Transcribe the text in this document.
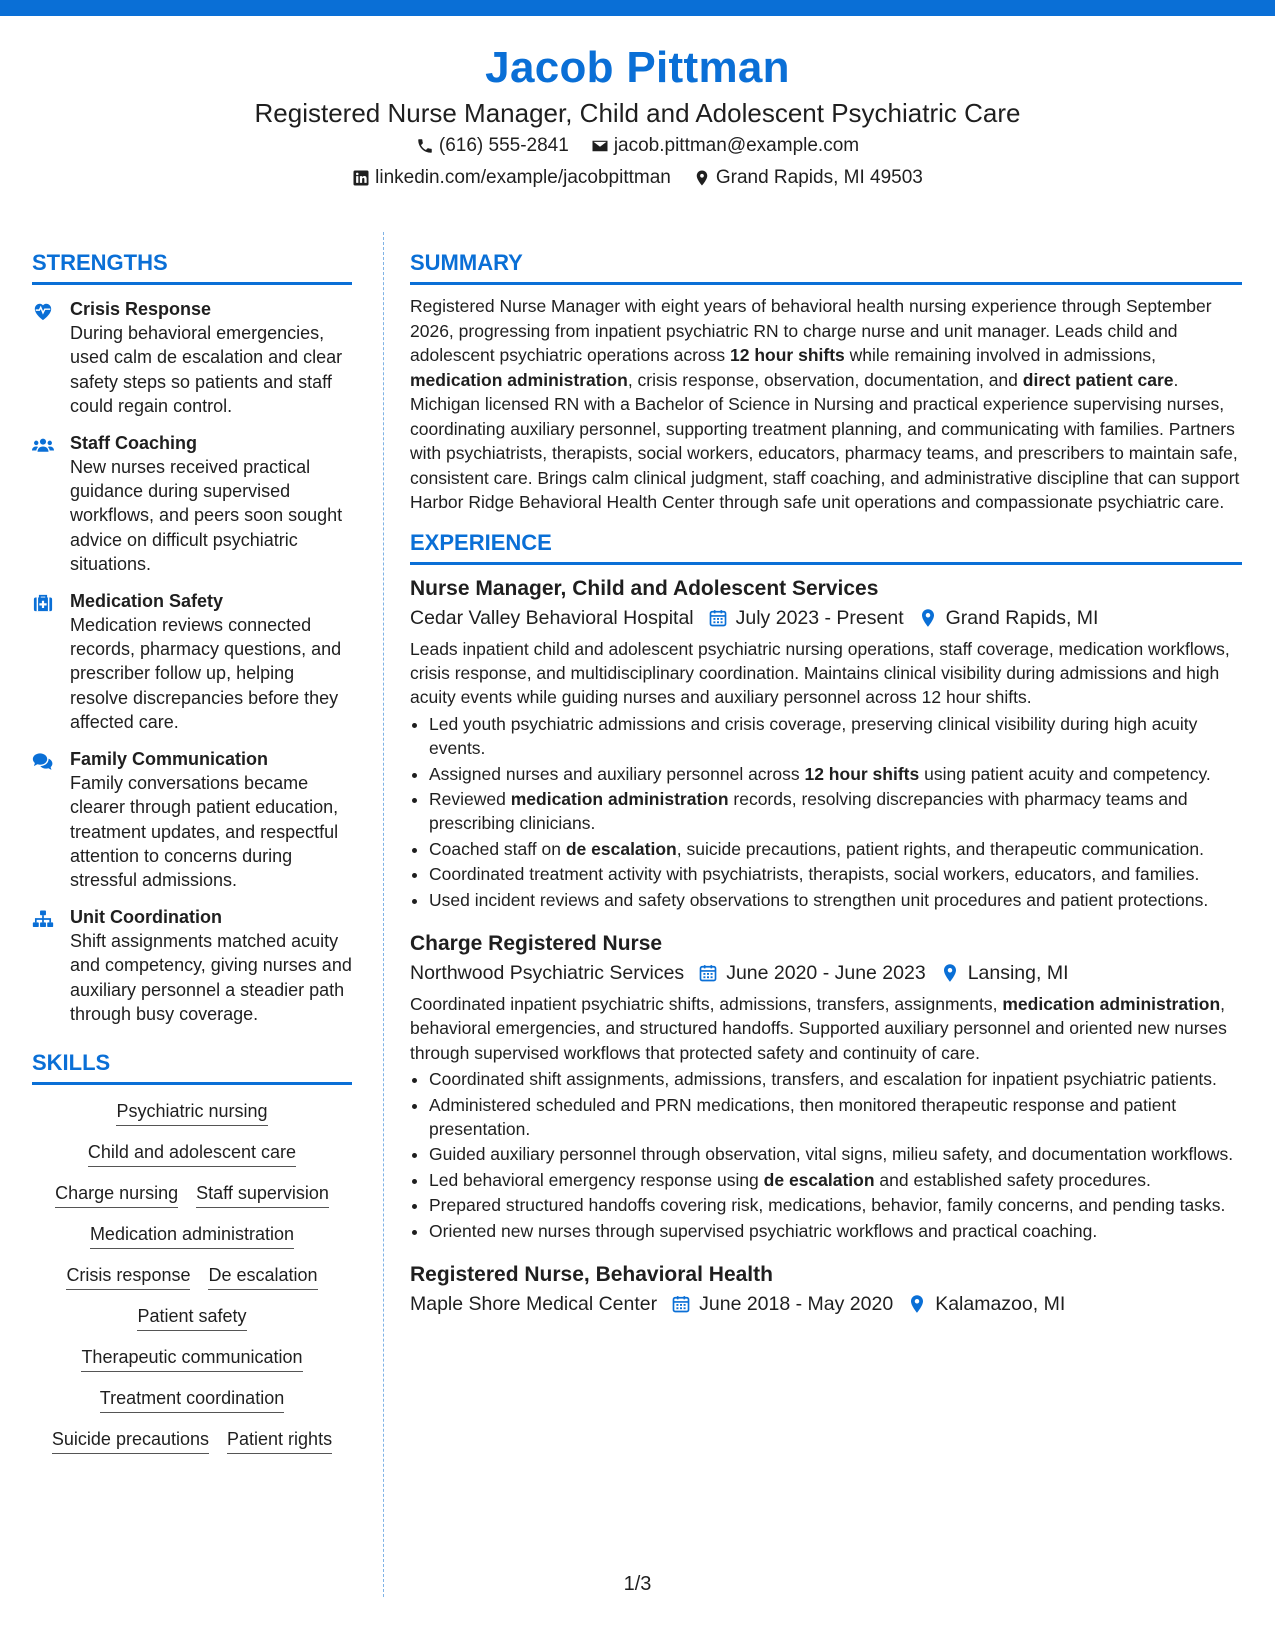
Jacob Pittman
Registered Nurse Manager, Child and Adolescent Psychiatric Care
(616) 555-2841 jacob.pittman@example.com
linkedin.com/example/jacobpittman Grand Rapids, MI 49503
STRENGTHS
Crisis Response
During behavioral emergencies, used calm de escalation and clear safety steps so patients and staff could regain control.
Staff Coaching
New nurses received practical guidance during supervised workflows, and peers soon sought advice on difficult psychiatric situations.
Medication Safety
Medication reviews connected records, pharmacy questions, and prescriber follow up, helping resolve discrepancies before they affected care.
Family Communication
Family conversations became clearer through patient education, treatment updates, and respectful attention to concerns during stressful admissions.
Unit Coordination
Shift assignments matched acuity and competency, giving nurses and auxiliary personnel a steadier path through busy coverage.
SKILLS
Psychiatric nursing
Child and adolescent care
Charge nursing Staff supervision
Medication administration
Crisis response De escalation
Patient safety
Therapeutic communication
Treatment coordination
Suicide precautions Patient rights
SUMMARY
Registered Nurse Manager with eight years of behavioral health nursing experience through September 2026, progressing from inpatient psychiatric RN to charge nurse and unit manager. Leads child and adolescent psychiatric operations across 12 hour shifts while remaining involved in admissions, medication administration, crisis response, observation, documentation, and direct patient care. Michigan licensed RN with a Bachelor of Science in Nursing and practical experience supervising nurses, coordinating auxiliary personnel, supporting treatment planning, and communicating with families. Partners with psychiatrists, therapists, social workers, educators, pharmacy teams, and prescribers to maintain safe, consistent care. Brings calm clinical judgment, staff coaching, and administrative discipline that can support Harbor Ridge Behavioral Health Center through safe unit operations and compassionate psychiatric care.
EXPERIENCE
Nurse Manager, Child and Adolescent Services
Cedar Valley Behavioral Hospital July 2023 - Present Grand Rapids, MI
Leads inpatient child and adolescent psychiatric nursing operations, staff coverage, medication workflows, crisis response, and multidisciplinary coordination. Maintains clinical visibility during admissions and high acuity events while guiding nurses and auxiliary personnel across 12 hour shifts.
• Led youth psychiatric admissions and crisis coverage, preserving clinical visibility during high acuity events.
• Assigned nurses and auxiliary personnel across 12 hour shifts using patient acuity and competency.
• Reviewed medication administration records, resolving discrepancies with pharmacy teams and prescribing clinicians.
• Coached staff on de escalation, suicide precautions, patient rights, and therapeutic communication.
• Coordinated treatment activity with psychiatrists, therapists, social workers, educators, and families.
• Used incident reviews and safety observations to strengthen unit procedures and patient protections.
Charge Registered Nurse
Northwood Psychiatric Services June 2020 - June 2023 Lansing, MI
Coordinated inpatient psychiatric shifts, admissions, transfers, assignments, medication administration, behavioral emergencies, and structured handoffs. Supported auxiliary personnel and oriented new nurses through supervised workflows that protected safety and continuity of care.
• Coordinated shift assignments, admissions, transfers, and escalation for inpatient psychiatric patients.
• Administered scheduled and PRN medications, then monitored therapeutic response and patient presentation.
• Guided auxiliary personnel through observation, vital signs, milieu safety, and documentation workflows.
• Led behavioral emergency response using de escalation and established safety procedures.
• Prepared structured handoffs covering risk, medications, behavior, family concerns, and pending tasks.
• Oriented new nurses through supervised psychiatric workflows and practical coaching.
Registered Nurse, Behavioral Health
Maple Shore Medical Center June 2018 - May 2020 Kalamazoo, MI
1/3
